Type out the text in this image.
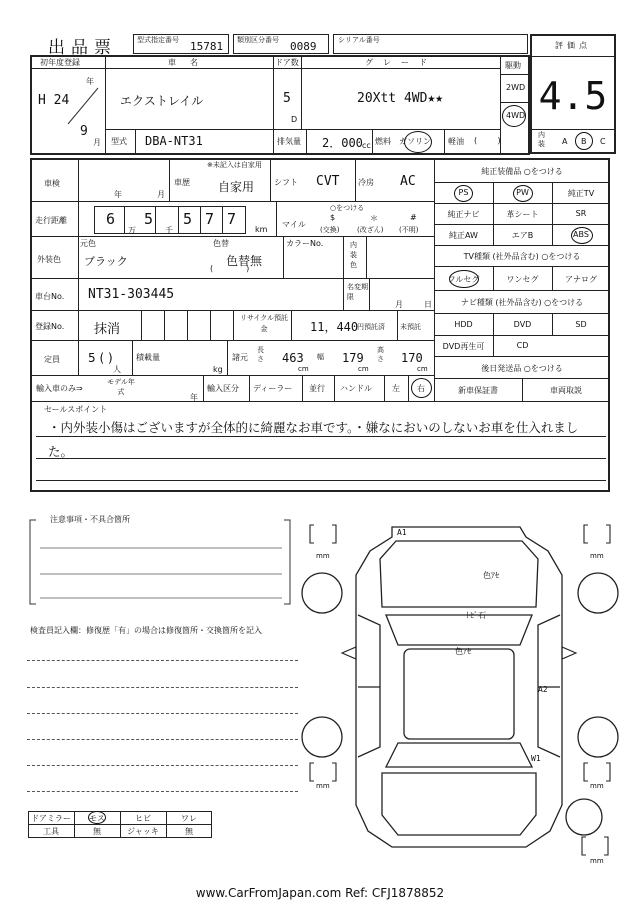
出品票	型式指定番号 15781 類別区分番号 0089	シリアル番号
評価点
4.5
初年度登録
年
H 24
9
月
車名
エクストレイル
ドア数
5
D
グレード
20Xtt 4WD★★
駆動
2WD
4WD
型式 DBA-NT31	排気量 2．000 cc 燃料 ガソリン 軽油 (        )
内装	A B C
車検
年	月
車歴
※未記入は自家用
自家用 シフト CVT 冷房 AC
走行距離	6 5 5 7 7
万	千	km
マイル
○をつける
$
(交換)
＊
(改ざん)
#
(不明)
外装色
元色
ブラック
色替
色替無
(             )
カラーNo.	内装色
車台No. NT31-303445	名変期限
月	日
登録No. 抹消
リサイクル預託金	11，440
円預託済 未預託
定員 5 ( )
人
積載量
kg
諸元
長さ 463
cm
幅 179
cm
高さ 170
cm
輸入車のみ⇒
モデル年式
年
輸入区分 ディーラー 並行 ハンドル	左 右
純正装備品 ○をつける
PS	PW	純正TV
純正ナビ	革シート	SR
純正AW	エアB	ABS
TV種類 (社外品含む) ○をつける
フルセグ	ワンセグ	アナログ
ナビ種類 (社外品含む) ○をつける
HDD	DVD	SD
DVD再生可	CD
後日発送品 ○をつける
新車保証書	車両取説
セールスポイント
・内外装小傷はございますが全体的に綺麗なお車です。・嫌なにおいのしないお車を仕入れまし
た。
注意事項・不具合箇所
検査員記入欄：修復歴「有」の場合は修復箇所・交換箇所を記入
ドアミラー	モス	ヒビ	ワレ
工具	無	ジャッキ	無
A1
色ｱｾ
ﾄﾋﾞ石
色ｱｾ
A2
W1
mm	mm
mm	mm
mm
www.CarFromJapan.com Ref: CFJ1878852
